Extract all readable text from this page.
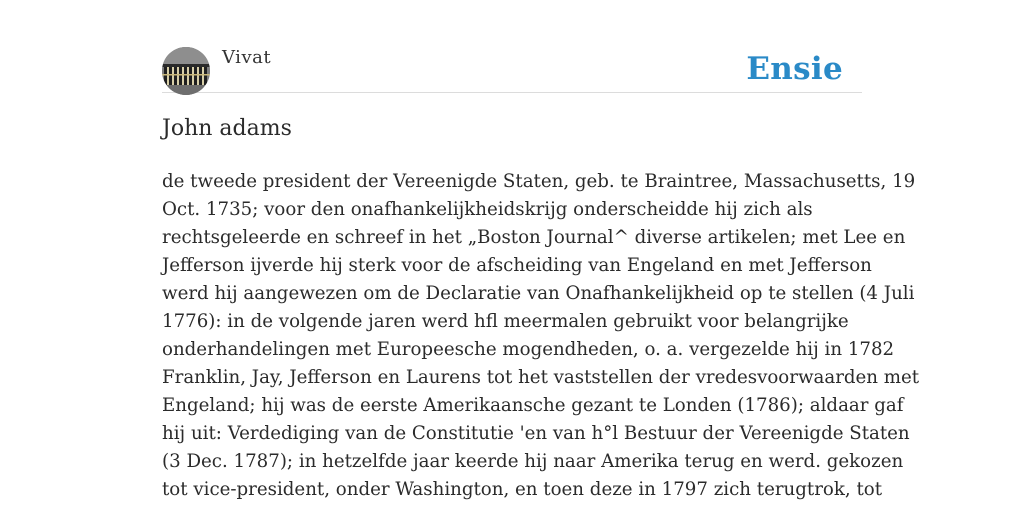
Vivat	Ensie
John adams

de tweede president der Vereenigde Staten, geb. te Braintree, Massachusetts, 19
Oct. 1735; voor den onafhankelijkheidskrijg onderscheidde hij zich als
rechtsgeleerde en schreef in het „Boston Journal^ diverse artikelen; met Lee en
Jefferson ijverde hij sterk voor de afscheiding van Engeland en met Jefferson
werd hij aangewezen om de Declaratie van Onafhankelijkheid op te stellen (4 Juli
1776): in de volgende jaren werd hfl meermalen gebruikt voor belangrijke
onderhandelingen met Europeesche mogendheden, o. a. vergezelde hij in 1782
Franklin, Jay, Jefferson en Laurens tot het vaststellen der vredesvoorwaarden met
Engeland; hij was de eerste Amerikaansche gezant te Londen (1786); aldaar gaf
hij uit: Verdediging van de Constitutie 'en van h°l Bestuur der Vereenigde Staten
(3 Dec. 1787); in hetzelfde jaar keerde hij naar Amerika terug en werd. gekozen
tot vice-president, onder Washington, en toen deze in 1797 zich terugtrok, tot
